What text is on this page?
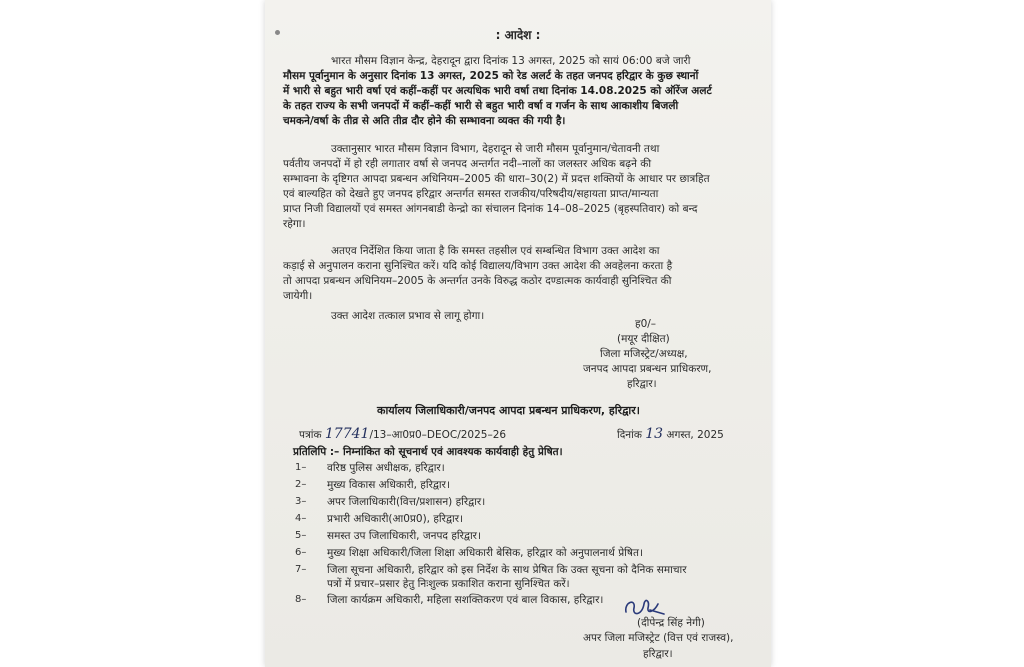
: आदेश :
भारत मौसम विज्ञान केन्द्र, देहरादून द्वारा दिनांक 13 अगस्त, 2025 को सायं 06:00 बजे जारी
मौसम पूर्वानुमान के अनुसार दिनांक 13 अगस्त, 2025 को रेड अलर्ट के तहत जनपद हरिद्वार के कुछ स्थानों
में भारी से बहुत भारी वर्षा एवं कहीं–कहीं पर अत्यधिक भारी वर्षा तथा दिनांक 14.08.2025 को ऑरेंज अलर्ट
के तहत राज्य के सभी जनपदों में कहीं–कहीं भारी से बहुत भारी वर्षा व गर्जन के साथ आकाशीय बिजली
चमकने/वर्षा के तीव्र से अति तीव्र दौर होने की सम्भावना व्यक्त की गयी है।
उक्तानुसार भारत मौसम विज्ञान विभाग, देहरादून से जारी मौसम पूर्वानुमान/चेतावनी तथा
पर्वतीय जनपदों में हो रही लगातार वर्षा से जनपद अन्तर्गत नदी–नालों का जलस्तर अधिक बढ़ने की
सम्भावना के दृष्टिगत आपदा प्रबन्धन अधिनियम–2005 की धारा–30(2) में प्रदत्त शक्तियों के आधार पर छात्रहित
एवं बाल्यहित को देखते हुए जनपद हरिद्वार अन्तर्गत समस्त राजकीय/परिषदीय/सहायता प्राप्त/मान्यता
प्राप्त निजी विद्यालयों एवं समस्त आंगनबाडी केन्द्रो का संचालन दिनांक 14–08–2025 (बृहस्पतिवार) को बन्द
रहेगा।
अतएव निर्देशित किया जाता है कि समस्त तहसील एवं सम्बन्धित विभाग उक्त आदेश का
कड़ाई से अनुपालन कराना सुनिश्चित करें। यदि कोई विद्यालय/विभाग उक्त आदेश की अवहेलना करता है
तो आपदा प्रबन्धन अधिनियम–2005 के अन्तर्गत उनके विरुद्ध कठोर दण्डात्मक कार्यवाही सुनिश्चित की
जायेगी।
उक्त आदेश तत्काल प्रभाव से लागू होगा।
ह0/–
(मयूर दीक्षित)
जिला मजिस्ट्रेट/अध्यक्ष,
जनपद आपदा प्रबन्धन प्राधिकरण,
हरिद्वार।
कार्यालय जिलाधिकारी/जनपद आपदा प्रबन्धन प्राधिकरण, हरिद्वार।
पत्रांक 17741/13–आ0प्र0–DEOC/2025–26	दिनांक 13 अगस्त, 2025
प्रतिलिपि :– निम्नांकित को सूचनार्थ एवं आवश्यक कार्यवाही हेतु प्रेषित।
1– वरिष्ठ पुलिस अधीक्षक, हरिद्वार।
2– मुख्य विकास अधिकारी, हरिद्वार।
3– अपर जिलाधिकारी(वित्त/प्रशासन) हरिद्वार।
4– प्रभारी अधिकारी(आ0प्र0), हरिद्वार।
5– समस्त उप जिलाधिकारी, जनपद हरिद्वार।
6– मुख्य शिक्षा अधिकारी/जिला शिक्षा अधिकारी बेसिक, हरिद्वार को अनुपालनार्थ प्रेषित।
7– जिला सूचना अधिकारी, हरिद्वार को इस निर्देश के साथ प्रेषित कि उक्त सूचना को दैनिक समाचार
पत्रों में प्रचार–प्रसार हेतु निःशुल्क प्रकाशित कराना सुनिश्चित करें।
8– जिला कार्यक्रम अधिकारी, महिला सशक्तिकरण एवं बाल विकास, हरिद्वार।
(दीपेन्द्र सिंह नेगी)
अपर जिला मजिस्ट्रेट (वित्त एवं राजस्व),
हरिद्वार।
